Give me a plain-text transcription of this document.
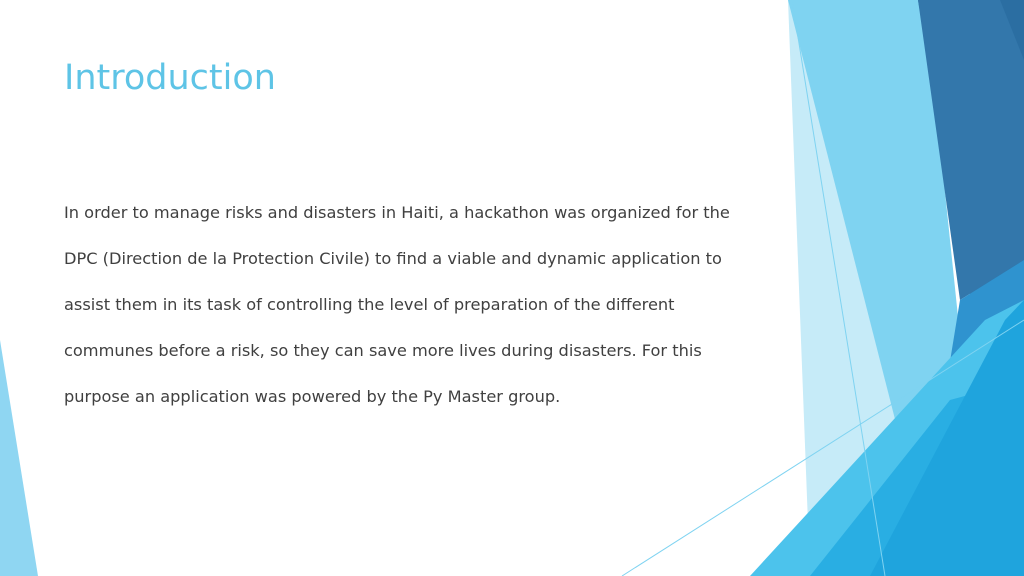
Introduction

In order to manage risks and disasters in Haiti, a hackathon was organized for the

DPC (Direction de la Protection Civile) to find a viable and dynamic application to

assist them in its task of controlling the level of preparation of the different

communes before a risk, so they can save more lives during disasters. For this

purpose an application was powered by the Py Master group.
